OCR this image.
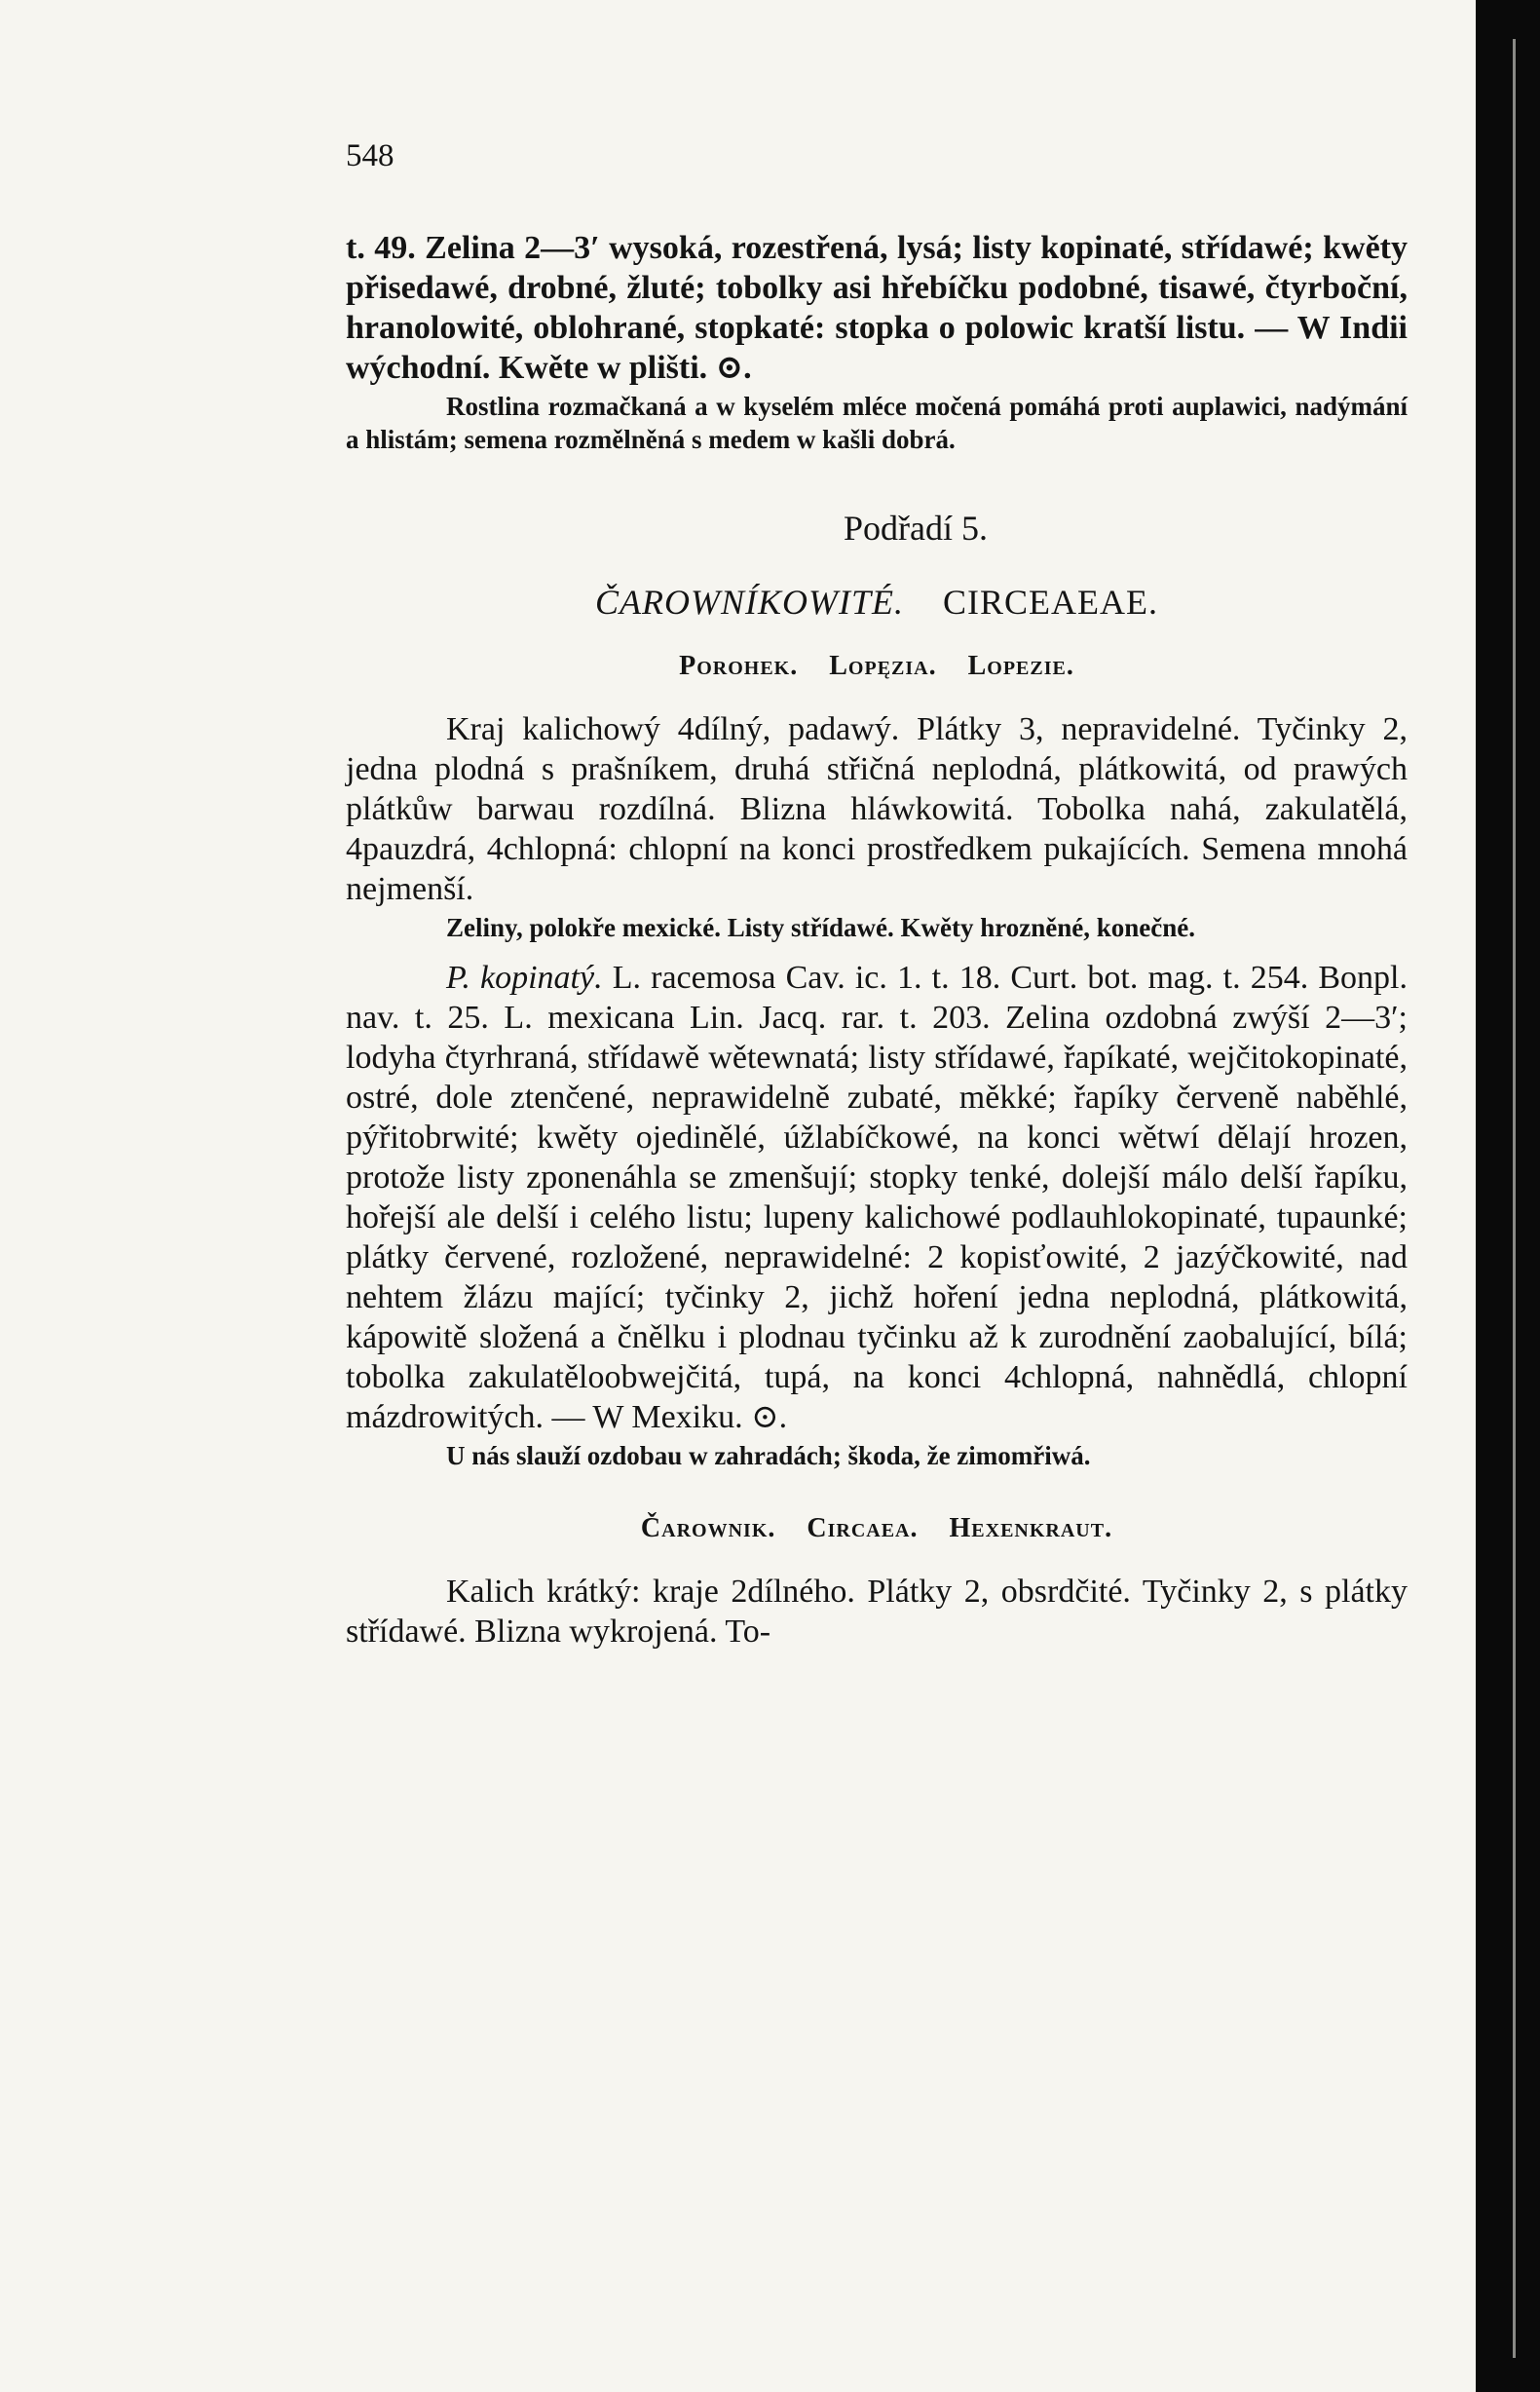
548
t. 49. Zelina 2—3′ wysoká, rozestřená, lysá; listy kopinaté, střídawé; kwěty přisedawé, drobné, žluté; tobolky asi hřebíčku podobné, tisawé, čtyrboční, hranolowité, oblohrané, stopkaté: stopka o polowic kratší listu. — W Indii wýchodní. Kwěte w plišti. ⊙.
Rostlina rozmačkaná a w kyselém mléce močená pomáhá proti auplawici, nadýmání a hlistám; semena rozmělněná s medem w kašli dobrá.
Podřadí 5.
ČAROWNÍKOWITÉ. CIRCEAEAE.
Porohek. Lopęzia. Lopezie.
Kraj kalichowý 4dílný, padawý. Plátky 3, nepravidelné. Tyčinky 2, jedna plodná s prašníkem, druhá střičná neplodná, plátkowitá, od prawých plátkůw barwau rozdílná. Blizna hláwkowitá. Tobolka nahá, zakulatělá, 4pauzdrá, 4chlopná: chlopní na konci prostředkem pukajících. Semena mnohá nejmenší.
Zeliny, polokře mexické. Listy střídawé. Kwěty hrozněné, konečné.
P. kopinatý. L. racemosa Cav. ic. 1. t. 18. Curt. bot. mag. t. 254. Bonpl. nav. t. 25. L. mexicana Lin. Jacq. rar. t. 203. Zelina ozdobná zwýší 2—3′; lodyha čtyrhraná, střídawě wětewnatá; listy střídawé, řapíkaté, wejčitokopinaté, ostré, dole ztenčené, neprawidelně zubaté, měkké; řapíky červeně naběhlé, pýřitobrwité; kwěty ojedinělé, úžlabíčkowé, na konci wětwí dělají hrozen, protože listy zponenáhla se zmenšují; stopky tenké, dolejší málo delší řapíku, hořejší ale delší i celého listu; lupeny kalichowé podlauhlokopinaté, tupaunké; plátky červené, rozložené, neprawidelné: 2 kopisťowité, 2 jazýčkowité, nad nehtem žlázu mající; tyčinky 2, jichž hoření jedna neplodná, plátkowitá, kápowitě složená a čnělku i plodnau tyčinku až k zurodnění zaobalující, bílá; tobolka zakulatěloobwejčitá, tupá, na konci 4chlopná, nahnědlá, chlopní mázdrowitých. — W Mexiku. ⊙.
U nás slauží ozdobau w zahradách; škoda, že zimomřiwá.
Čarownik. Circaea. Hexenkraut.
Kalich krátký: kraje 2dílného. Plátky 2, obsrdčité. Tyčinky 2, s plátky střídawé. Blizna wykrojená. To-
